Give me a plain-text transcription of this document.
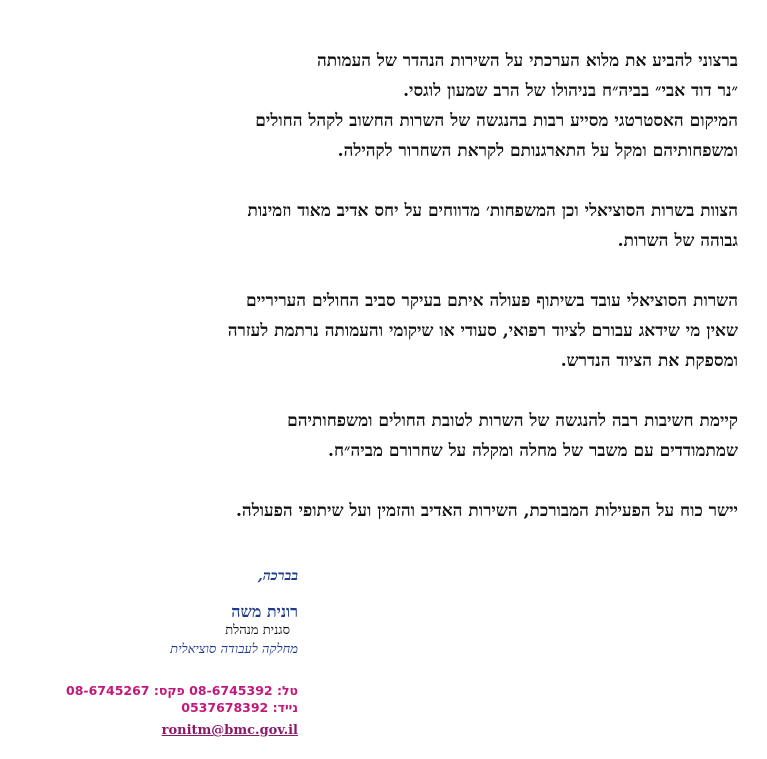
ברצוני להביע את מלוא הערכתי על השירות הנהדר של העמותה
״נר דוד אבי״ בביה״ח בניהולו של הרב שמעון לוגסי.
המיקום האסטרטגי מסייע רבות בהנגשה של השרות החשוב לקהל החולים
ומשפחותיהם ומקל על התארגנותם לקראת השחרור לקהילה.

הצוות בשרות הסוציאלי וכן המשפחות׳ מדווחים על יחס אדיב מאוד וזמינות
גבוהה של השרות.

השרות הסוציאלי עובד בשיתוף פעולה איתם בעיקר סביב החולים העריריים
שאין מי שידאג עבורם לציוד רפואי, סעודי או שיקומי והעמותה נרתמת לעזרה
ומספקת את הציוד הנדרש.

קיימת חשיבות רבה להנגשה של השרות לטובת החולים ומשפחותיהם
שמתמודדים עם משבר של מחלה ומקלה על שחרורם מביה״ח.

יישר כוח על הפעילות המבורכת, השירות האדיב והזמין ועל שיתופי הפעולה.

בברכה,
רונית משה
סגנית מנהלת
מחלקה לעבודה סוציאלית
טל: 08-6745392 פקס: 08-6745267
נייד: 0537678392
ronitm@bmc.gov.il
